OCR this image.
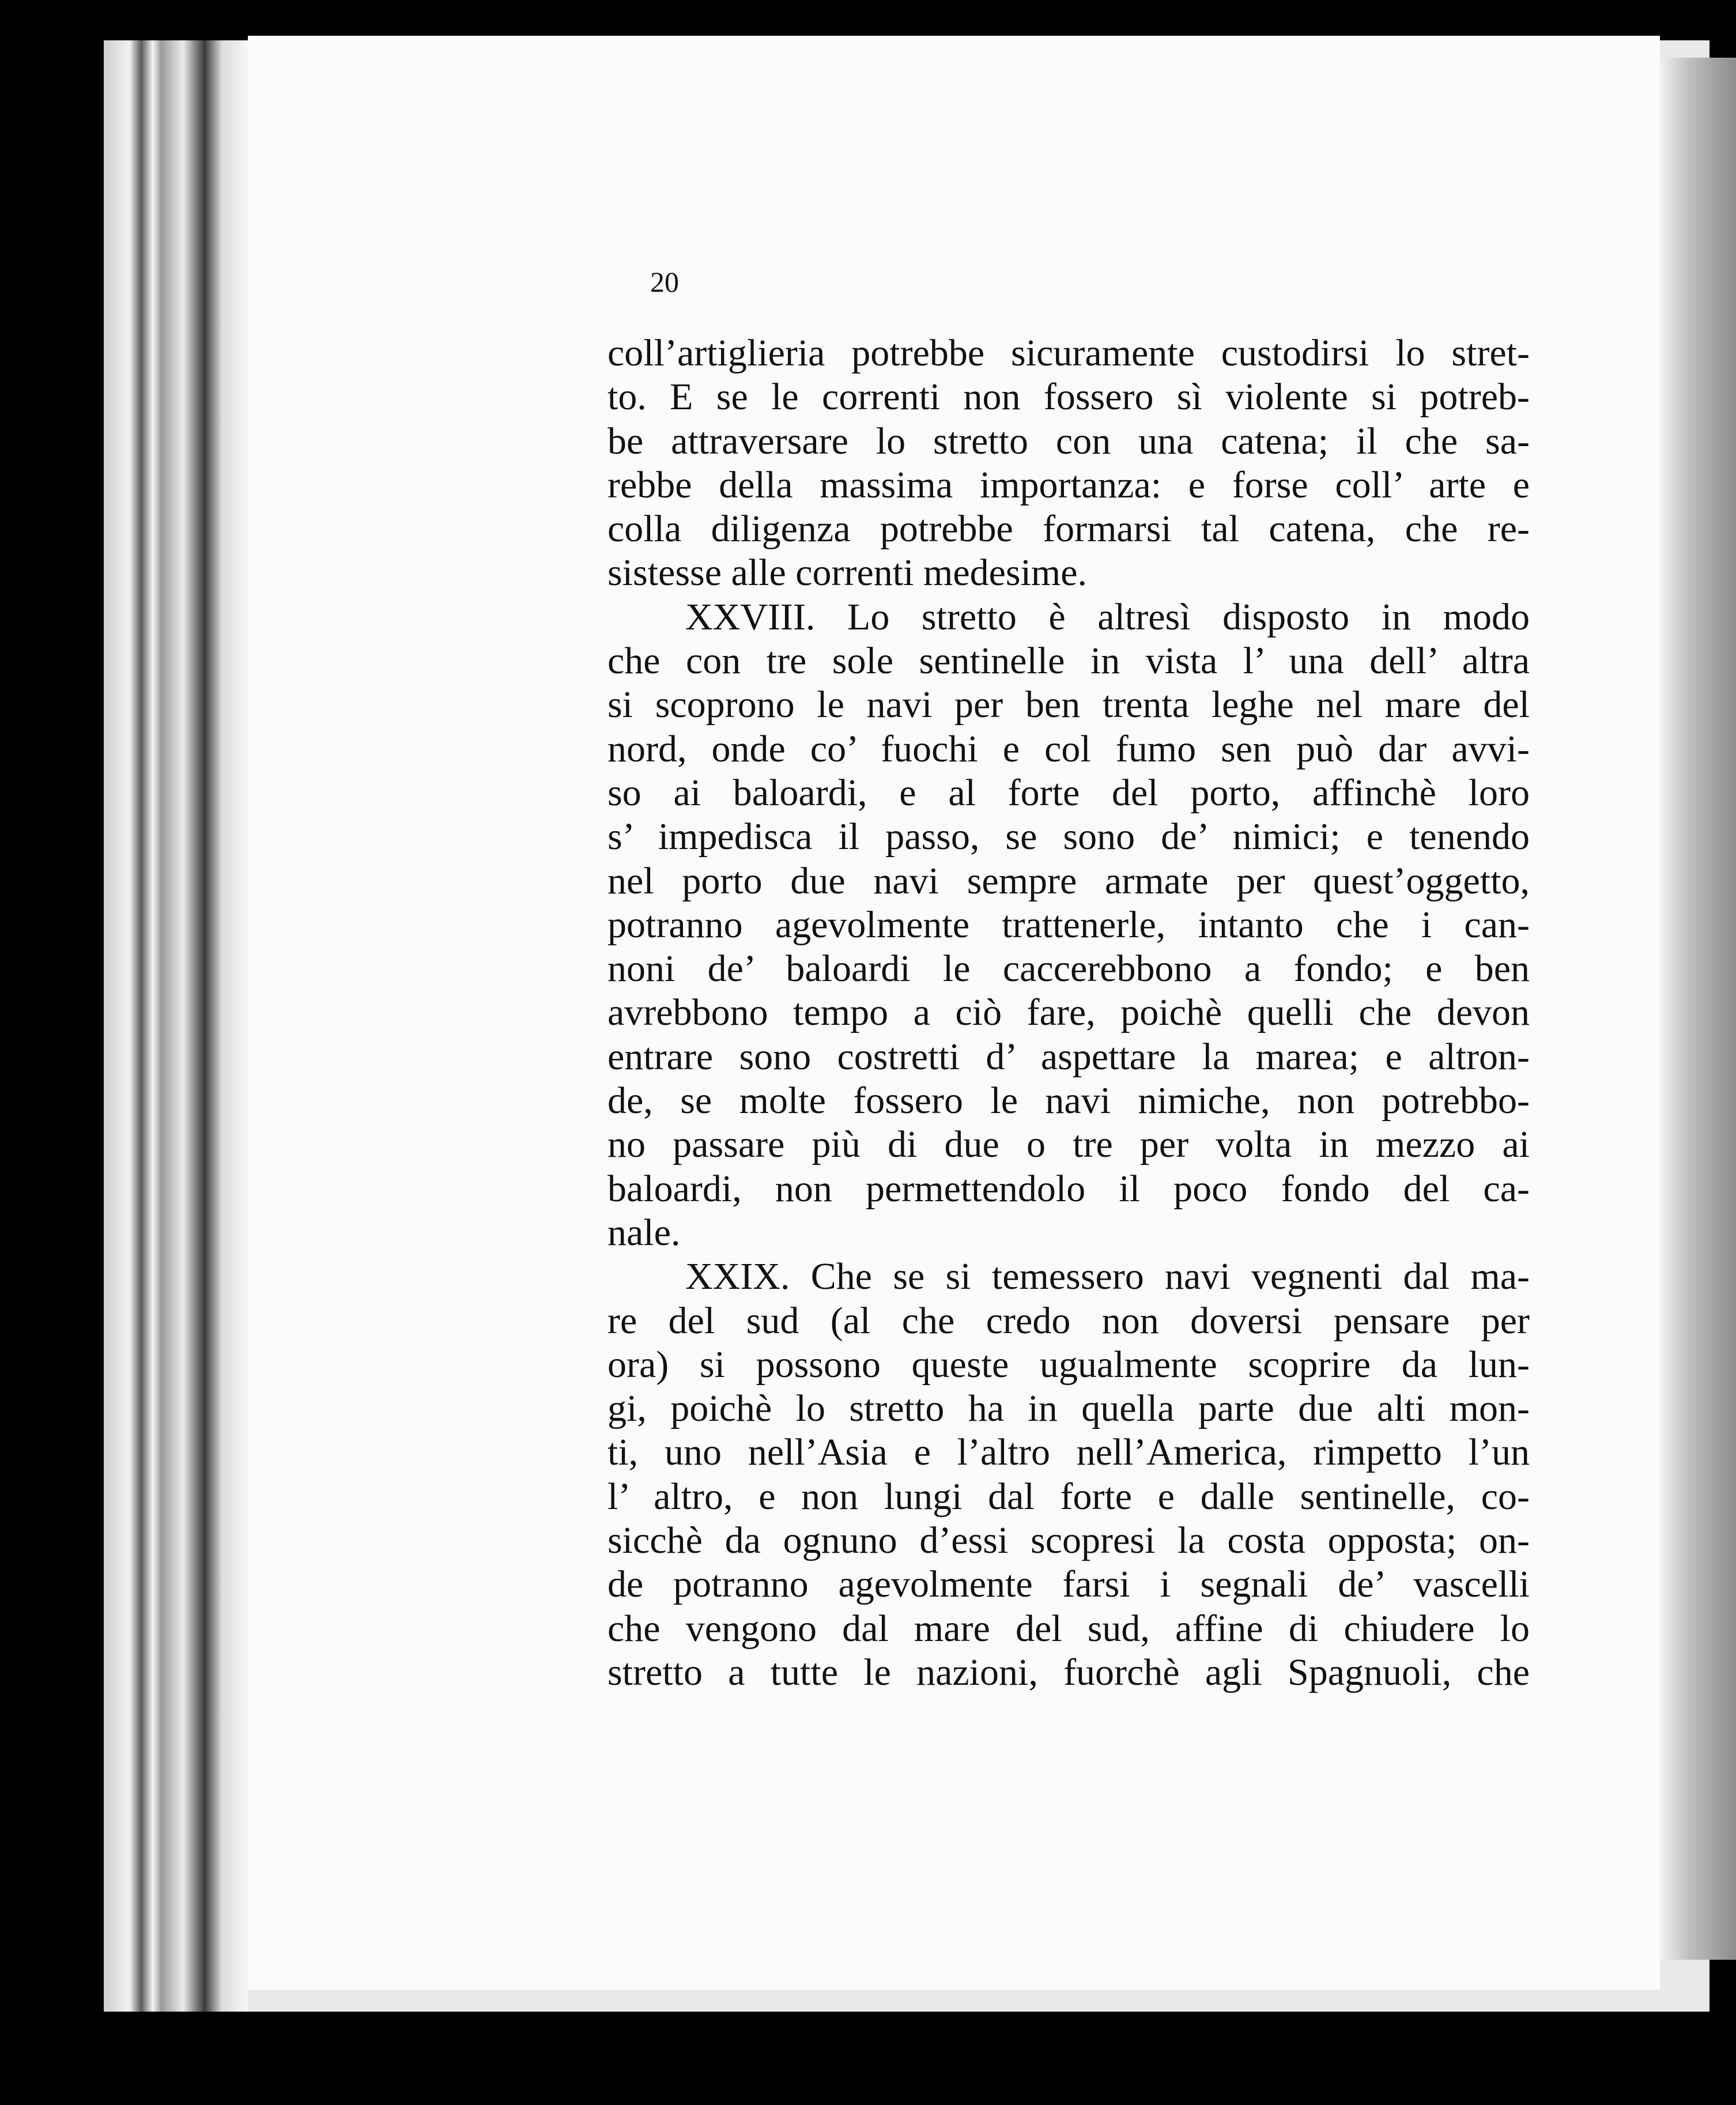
20
coll’artiglieria potrebbe sicuramente custodirsi lo stret-
to. E se le correnti non fossero sì violente si potreb-
be attraversare lo stretto con una catena; il che sa-
rebbe della massima importanza: e forse coll’ arte e
colla diligenza potrebbe formarsi tal catena, che re-
sistesse alle correnti medesime.
XXVIII. Lo stretto è altresì disposto in modo
che con tre sole sentinelle in vista l’ una dell’ altra
si scoprono le navi per ben trenta leghe nel mare del
nord, onde co’ fuochi e col fumo sen può dar avvi-
so ai baloardi, e al forte del porto, affinchè loro
s’ impedisca il passo, se sono de’ nimici; e tenendo
nel porto due navi sempre armate per quest’oggetto,
potranno agevolmente trattenerle, intanto che i can-
noni de’ baloardi le caccerebbono a fondo; e ben
avrebbono tempo a ciò fare, poichè quelli che devon
entrare sono costretti d’ aspettare la marea; e altron-
de, se molte fossero le navi nimiche, non potrebbo-
no passare più di due o tre per volta in mezzo ai
baloardi, non permettendolo il poco fondo del ca-
nale.
XXIX. Che se si temessero navi vegnenti dal ma-
re del sud (al che credo non doversi pensare per
ora) si possono queste ugualmente scoprire da lun-
gi, poichè lo stretto ha in quella parte due alti mon-
ti, uno nell’Asia e l’altro nell’America, rimpetto l’un
l’ altro, e non lungi dal forte e dalle sentinelle, co-
sicchè da ognuno d’essi scopresi la costa opposta; on-
de potranno agevolmente farsi i segnali de’ vascelli
che vengono dal mare del sud, affine di chiudere lo
stretto a tutte le nazioni, fuorchè agli Spagnuoli, che
